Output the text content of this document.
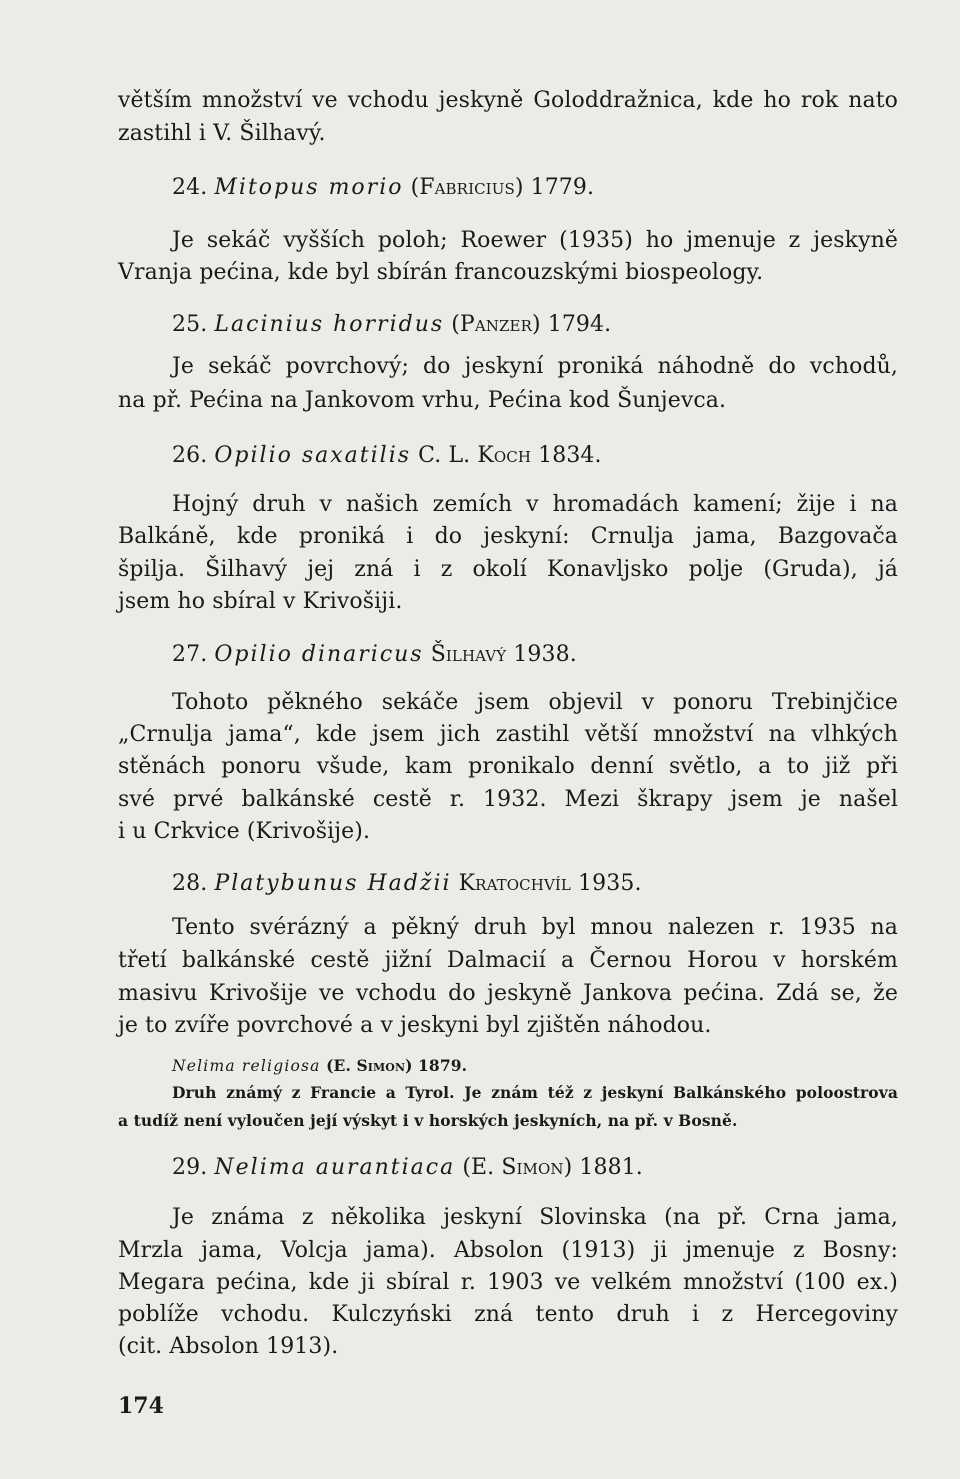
větším množství ve vchodu jeskyně Goloddražnica, kde ho rok nato

zastihl i V. Šilhavý.

24. Mitopus morio (Fabricius) 1779.

Je sekáč vyšších poloh; Roewer (1935) ho jmenuje z jeskyně

Vranja pećina, kde byl sbírán francouzskými biospeology.

25. Lacinius horridus (Panzer) 1794.

Je sekáč povrchový; do jeskyní proniká náhodně do vchodů,

na př. Pećina na Jankovom vrhu, Pećina kod Šunjevca.

26. Opilio saxatilis C. L. Koch 1834.

Hojný druh v našich zemích v hromadách kamení; žije i na

Balkáně, kde proniká i do jeskyní: Crnulja jama, Bazgovača

špilja. Šilhavý jej zná i z okolí Konavljsko polje (Gruda), já

jsem ho sbíral v Krivošiji.

27. Opilio dinaricus Šilhavý 1938.

Tohoto pěkného sekáče jsem objevil v ponoru Trebinjčice

„Crnulja jama“, kde jsem jich zastihl větší množství na vlhkých

stěnách ponoru všude, kam pronikalo denní světlo, a to již při

své prvé balkánské cestě r. 1932. Mezi škrapy jsem je našel

i u Crkvice (Krivošije).

28. Platybunus Hadžii Kratochvíl 1935.

Tento svérázný a pěkný druh byl mnou nalezen r. 1935 na

třetí balkánské cestě jižní Dalmacií a Černou Horou v horském

masivu Krivošije ve vchodu do jeskyně Jankova pećina. Zdá se, že

je to zvíře povrchové a v jeskyni byl zjištěn náhodou.

Nelima religiosa (E. Simon) 1879.

Druh známý z Francie a Tyrol. Je znám též z jeskyní Balkánského poloostrova

a tudíž není vyloučen její výskyt i v horských jeskyních, na př. v Bosně.

29. Nelima aurantiaca (E. Simon) 1881.

Je známa z několika jeskyní Slovinska (na př. Crna jama,

Mrzla jama, Volcja jama). Absolon (1913) ji jmenuje z Bosny:

Megara pećina, kde ji sbíral r. 1903 ve velkém množství (100 ex.)

poblíže vchodu. Kulczyński zná tento druh i z Hercegoviny

(cit. Absolon 1913).

174
